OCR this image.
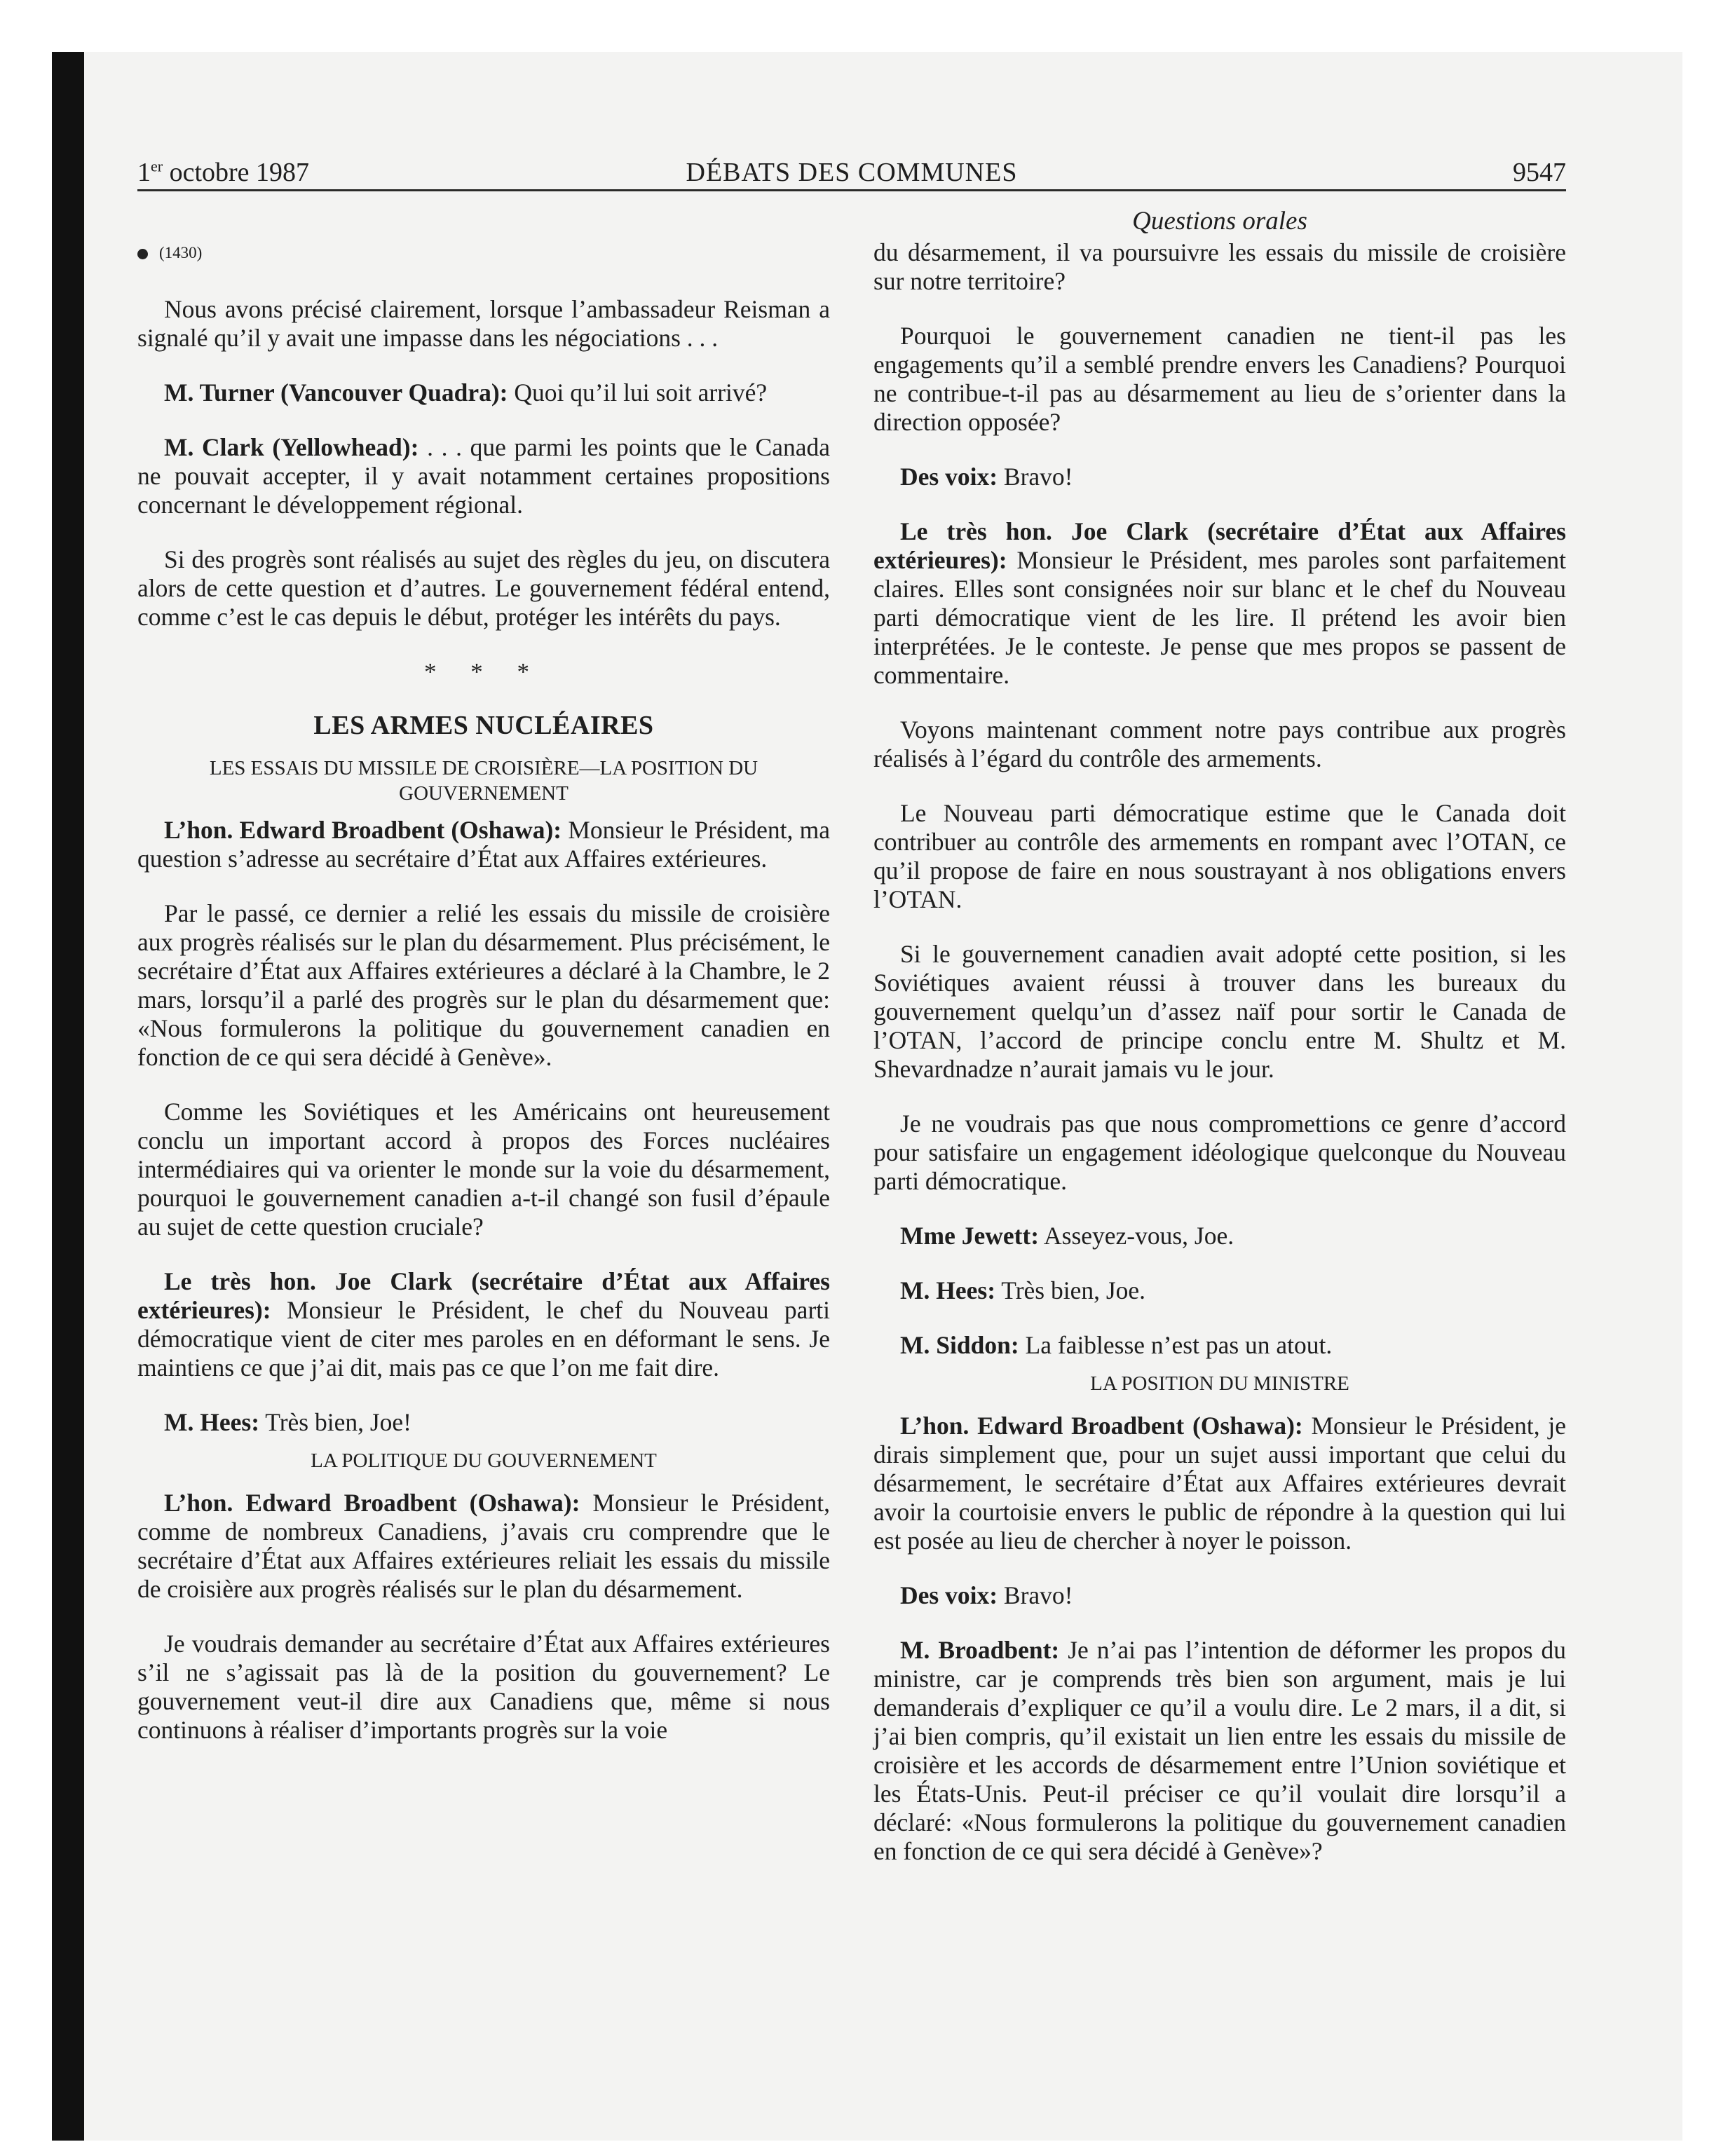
1er octobre 1987	DÉBATS DES COMMUNES	9547
Questions orales

(1430)

Nous avons précisé clairement, lorsque l’ambassadeur Reisman a signalé qu’il y avait une impasse dans les négociations . . .

M. Turner (Vancouver Quadra): Quoi qu’il lui soit arrivé?

M. Clark (Yellowhead): . . . que parmi les points que le Canada ne pouvait accepter, il y avait notamment certaines propositions concernant le développement régional.

Si des progrès sont réalisés au sujet des règles du jeu, on discutera alors de cette question et d’autres. Le gouvernement fédéral entend, comme c’est le cas depuis le début, protéger les intérêts du pays.

* * *

LES ARMES NUCLÉAIRES

LES ESSAIS DU MISSILE DE CROISIÈRE—LA POSITION DU GOUVERNEMENT

L’hon. Edward Broadbent (Oshawa): Monsieur le Président, ma question s’adresse au secrétaire d’État aux Affaires extérieures.

Par le passé, ce dernier a relié les essais du missile de croisière aux progrès réalisés sur le plan du désarmement. Plus précisément, le secrétaire d’État aux Affaires extérieures a déclaré à la Chambre, le 2 mars, lorsqu’il a parlé des progrès sur le plan du désarmement que: «Nous formulerons la politique du gouvernement canadien en fonction de ce qui sera décidé à Genève».

Comme les Soviétiques et les Américains ont heureusement conclu un important accord à propos des Forces nucléaires intermédiaires qui va orienter le monde sur la voie du désarmement, pourquoi le gouvernement canadien a-t-il changé son fusil d’épaule au sujet de cette question cruciale?

Le très hon. Joe Clark (secrétaire d’État aux Affaires extérieures): Monsieur le Président, le chef du Nouveau parti démocratique vient de citer mes paroles en en déformant le sens. Je maintiens ce que j’ai dit, mais pas ce que l’on me fait dire.

M. Hees: Très bien, Joe!

LA POLITIQUE DU GOUVERNEMENT

L’hon. Edward Broadbent (Oshawa): Monsieur le Président, comme de nombreux Canadiens, j’avais cru comprendre que le secrétaire d’État aux Affaires extérieures reliait les essais du missile de croisière aux progrès réalisés sur le plan du désarmement.

Je voudrais demander au secrétaire d’État aux Affaires extérieures s’il ne s’agissait pas là de la position du gouvernement? Le gouvernement veut-il dire aux Canadiens que, même si nous continuons à réaliser d’importants progrès sur la voie

du désarmement, il va poursuivre les essais du missile de croisière sur notre territoire?

Pourquoi le gouvernement canadien ne tient-il pas les engagements qu’il a semblé prendre envers les Canadiens? Pourquoi ne contribue-t-il pas au désarmement au lieu de s’orienter dans la direction opposée?

Des voix: Bravo!

Le très hon. Joe Clark (secrétaire d’État aux Affaires extérieures): Monsieur le Président, mes paroles sont parfaitement claires. Elles sont consignées noir sur blanc et le chef du Nouveau parti démocratique vient de les lire. Il prétend les avoir bien interprétées. Je le conteste. Je pense que mes propos se passent de commentaire.

Voyons maintenant comment notre pays contribue aux progrès réalisés à l’égard du contrôle des armements.

Le Nouveau parti démocratique estime que le Canada doit contribuer au contrôle des armements en rompant avec l’OTAN, ce qu’il propose de faire en nous soustrayant à nos obligations envers l’OTAN.

Si le gouvernement canadien avait adopté cette position, si les Soviétiques avaient réussi à trouver dans les bureaux du gouvernement quelqu’un d’assez naïf pour sortir le Canada de l’OTAN, l’accord de principe conclu entre M. Shultz et M. Shevardnadze n’aurait jamais vu le jour.

Je ne voudrais pas que nous compromettions ce genre d’accord pour satisfaire un engagement idéologique quelconque du Nouveau parti démocratique.

Mme Jewett: Asseyez-vous, Joe.

M. Hees: Très bien, Joe.

M. Siddon: La faiblesse n’est pas un atout.

LA POSITION DU MINISTRE

L’hon. Edward Broadbent (Oshawa): Monsieur le Président, je dirais simplement que, pour un sujet aussi important que celui du désarmement, le secrétaire d’État aux Affaires extérieures devrait avoir la courtoisie envers le public de répondre à la question qui lui est posée au lieu de chercher à noyer le poisson.

Des voix: Bravo!

M. Broadbent: Je n’ai pas l’intention de déformer les propos du ministre, car je comprends très bien son argument, mais je lui demanderais d’expliquer ce qu’il a voulu dire. Le 2 mars, il a dit, si j’ai bien compris, qu’il existait un lien entre les essais du missile de croisière et les accords de désarmement entre l’Union soviétique et les États-Unis. Peut-il préciser ce qu’il voulait dire lorsqu’il a déclaré: «Nous formulerons la politique du gouvernement canadien en fonction de ce qui sera décidé à Genève»?
